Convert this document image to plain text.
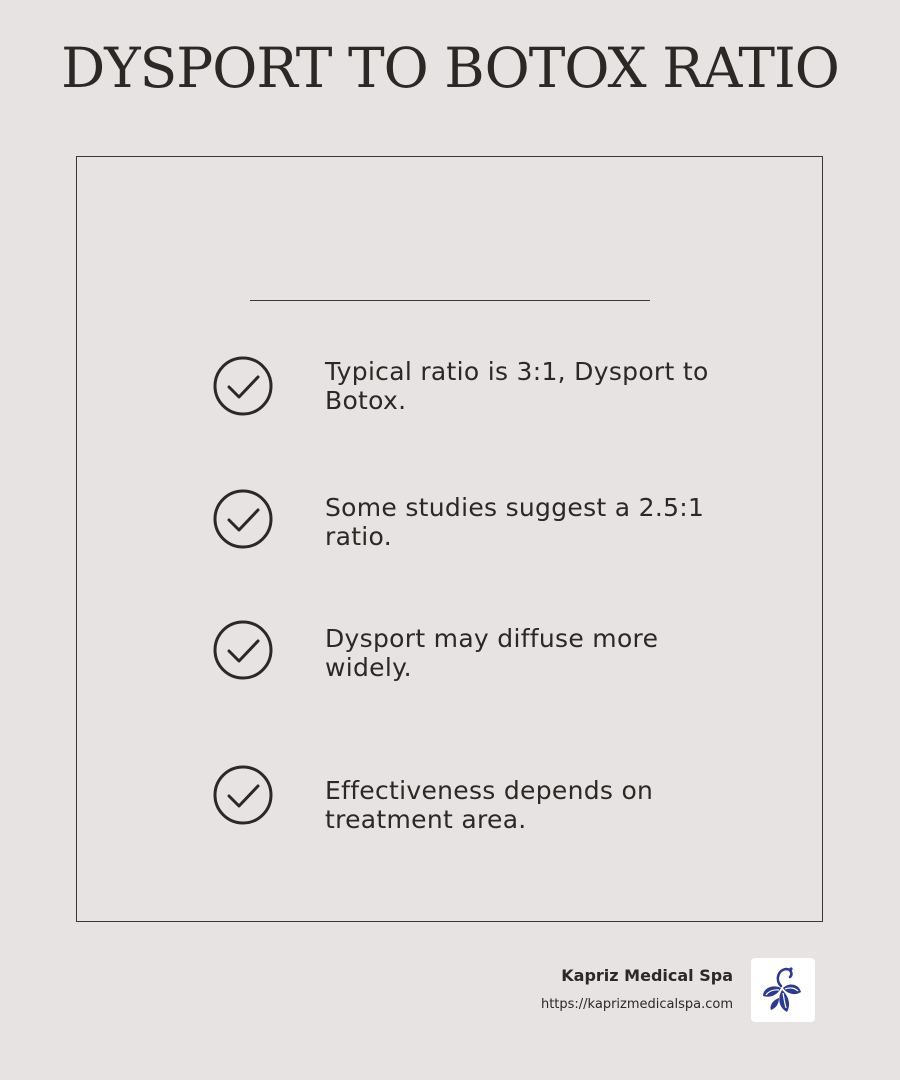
DYSPORT TO BOTOX RATIO
Typical ratio is 3:1, Dysport to Botox.
Some studies suggest a 2.5:1 ratio.
Dysport may diffuse more widely.
Effectiveness depends on treatment area.
Kapriz Medical Spa
https://kaprizmedicalspa.com
